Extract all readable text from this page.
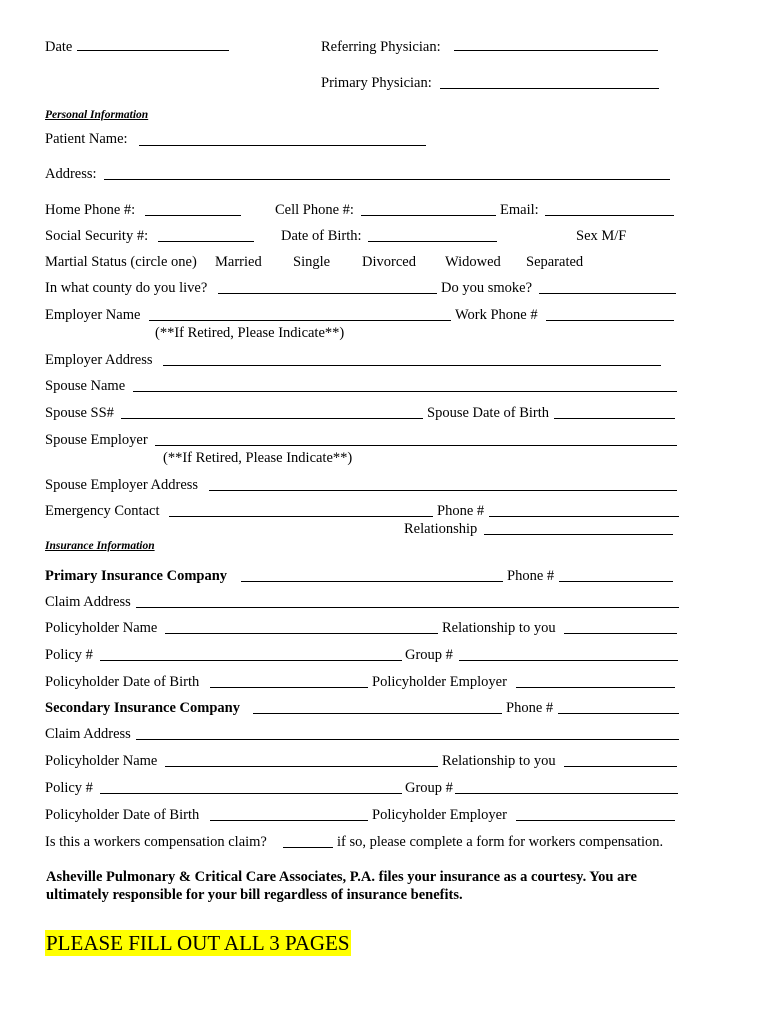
Date	Referring Physician:
Primary Physician:
Personal Information
Patient Name:
Address:
Home Phone #:	Cell Phone #:	Email:
Social Security #:	Date of Birth:	Sex M/F
Martial Status (circle one) Married Single Divorced Widowed Separated
In what county do you live?	Do you smoke?
Employer Name	Work Phone #
(**If Retired, Please Indicate**)
Employer Address
Spouse Name
Spouse SS#	Spouse Date of Birth
Spouse Employer
(**If Retired, Please Indicate**)
Spouse Employer Address
Emergency Contact	Phone #
Relationship
Insurance Information
Primary Insurance Company	Phone #
Claim Address
Policyholder Name	Relationship to you
Policy #	Group #
Policyholder Date of Birth	Policyholder Employer
Secondary Insurance Company	Phone #
Claim Address
Policyholder Name	Relationship to you
Policy #	Group #
Policyholder Date of Birth	Policyholder Employer
Is this a workers compensation claim?	if so, please complete a form for workers compensation.
Asheville Pulmonary & Critical Care Associates, P.A. files your insurance as a courtesy. You are ultimately responsible for your bill regardless of insurance benefits.
PLEASE FILL OUT ALL 3 PAGES
